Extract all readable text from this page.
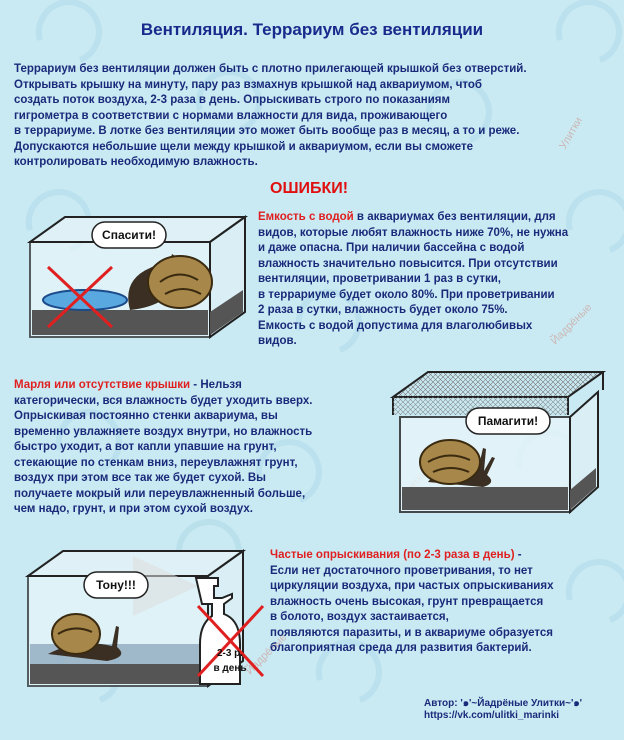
Улитки
Йадрёные
Йадрёные
Вентиляция. Террариум без вентиляции
Террариум без вентиляции должен быть с плотно прилегающей крышкой без отверстий.
Открывать крышку на минуту, пару раз взмахнув крышкой над аквариумом, чтоб
создать поток воздуха, 2-3 раза в день. Опрыскивать строго по показаниям
гигрометра в соответствии с нормами влажности для вида, проживающего
в террариуме. В лотке без вентиляции это может быть вообще раз в месяц, а то и реже.
Допускаются небольшие щели между крышкой и аквариумом, если вы сможете
контролировать необходимую влажность.
ОШИБКИ!
Спасити!
Емкость с водой в аквариумах без вентиляции, для
видов, которые любят влажность ниже 70%, не нужна
и даже опасна. При наличии бассейна с водой
влажность значительно повысится. При отсутствии
вентиляции, проветривании 1 раз в сутки,
в террариуме будет около 80%. При проветривании
2 раза в сутки, влажность будет около 75%.
Емкость с водой допустима для влаголюбивых
видов.
Марля или отсутствие крышки - Нельзя
категорически, вся влажность будет уходить вверх.
Опрыскивая постоянно стенки аквариума, вы
временно увлажняете воздух внутри, но влажность
быстро уходит, а вот капли упавшие на грунт,
стекающие по стенкам вниз, переувлажнят грунт,
воздух при этом все так же будет сухой. Вы
получаете мокрый или переувлажненный больше,
чем надо, грунт, и при этом сухой воздух.
Памагити!
Тону!!!
2-3 р.
в день
Частые опрыскивания (по 2-3 раза в день) -
Если нет достаточного проветривания, то нет
циркуляции воздуха, при частых опрыскиваниях
влажность очень высокая, грунт превращается
в болото, воздух застаивается,
появляются паразиты, и в аквариуме образуется
благоприятная среда для развития бактерий.
Автор: '๑'~Йадрёные Улитки~'๑'
https://vk.com/ulitki_marinki
